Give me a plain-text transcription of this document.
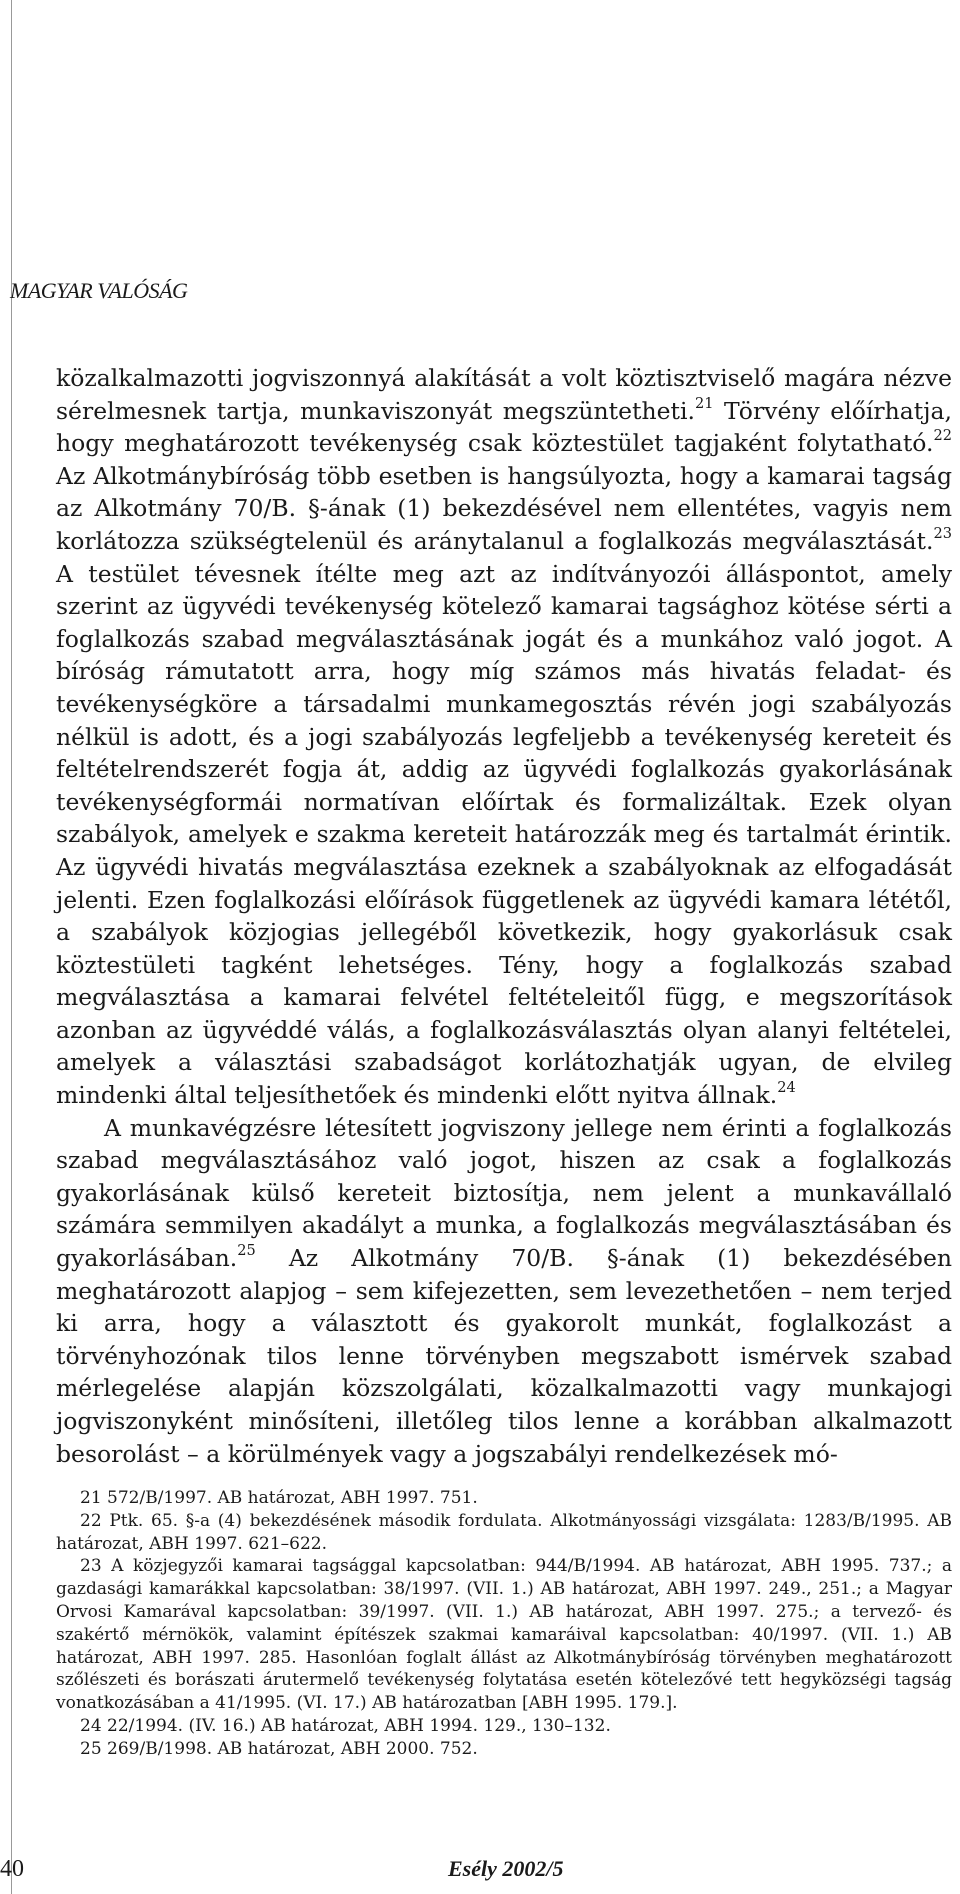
MAGYAR VALÓSÁG

közalkalmazotti jogviszonnyá alakítását a volt köztisztviselő magára nézve sérelmesnek tartja, munkaviszonyát megszüntetheti.$^{21}$ Törvény előírhatja, hogy meghatározott tevékenység csak köztestület tagjaként folytatható.$^{22}$ Az Alkotmánybíróság több esetben is hangsúlyozta, hogy a kamarai tagság az Alkotmány 70/B. §-ának (1) bekezdésével nem ellentétes, vagyis nem korlátozza szükségtelenül és aránytalanul a foglalkozás megválasztását.$^{23}$ A testület tévesnek ítélte meg azt az indítványozói álláspontot, amely szerint az ügyvédi tevékenység kötelező kamarai tagsághoz kötése sérti a foglalkozás szabad megválasztásának jogát és a munkához való jogot. A bíróság rámutatott arra, hogy míg számos más hivatás feladat- és tevékenységköre a társadalmi munkamegosztás révén jogi szabályozás nélkül is adott, és a jogi szabályozás legfeljebb a tevékenység kereteit és feltételrendszerét fogja át, addig az ügyvédi foglalkozás gyakorlásának tevékenységformái normatívan előírtak és formalizáltak. Ezek olyan szabályok, amelyek e szakma kereteit határozzák meg és tartalmát érintik. Az ügyvédi hivatás megválasztása ezeknek a szabályoknak az elfogadását jelenti. Ezen foglalkozási előírások függetlenek az ügyvédi kamara lététől, a szabályok közjogias jellegéből következik, hogy gyakorlásuk csak köztestületi tagként lehetséges. Tény, hogy a foglalkozás szabad megválasztása a kamarai felvétel feltételeitől függ, e megszorítások azonban az ügyvéddé válás, a foglalkozásválasztás olyan alanyi feltételei, amelyek a választási szabadságot korlátozhatják ugyan, de elvileg mindenki által teljesíthetőek és mindenki előtt nyitva állnak.$^{24}$

A munkavégzésre létesített jogviszony jellege nem érinti a foglalkozás szabad megválasztásához való jogot, hiszen az csak a foglalkozás gyakorlásának külső kereteit biztosítja, nem jelent a munkavállaló számára semmilyen akadályt a munka, a foglalkozás megválasztásában és gyakorlásában.$^{25}$ Az Alkotmány 70/B. §-ának (1) bekezdésében meghatározott alapjog – sem kifejezetten, sem levezethetően – nem terjed ki arra, hogy a választott és gyakorolt munkát, foglalkozást a törvényhozónak tilos lenne törvényben megszabott ismérvek szabad mérlegelése alapján közszolgálati, közalkalmazotti vagy munkajogi jogviszonyként minősíteni, illetőleg tilos lenne a korábban alkalmazott besorolást – a körülmények vagy a jogszabályi rendelkezések mó-

21 572/B/1997. AB határozat, ABH 1997. 751.

22 Ptk. 65. §-a (4) bekezdésének második fordulata. Alkotmányossági vizsgálata: 1283/B/1995. AB határozat, ABH 1997. 621–622.

23 A közjegyzői kamarai tagsággal kapcsolatban: 944/B/1994. AB határozat, ABH 1995. 737.; a gazdasági kamarákkal kapcsolatban: 38/1997. (VII. 1.) AB határozat, ABH 1997. 249., 251.; a Magyar Orvosi Kamarával kapcsolatban: 39/1997. (VII. 1.) AB határozat, ABH 1997. 275.; a tervező- és szakértő mérnökök, valamint építészek szakmai kamaráival kapcsolatban: 40/1997. (VII. 1.) AB határozat, ABH 1997. 285. Hasonlóan foglalt állást az Alkotmánybíróság törvényben meghatározott szőlészeti és borászati árutermelő tevékenység folytatása esetén kötelezővé tett hegyközségi tagság vonatkozásában a 41/1995. (VI. 17.) AB határozatban [ABH 1995. 179.].

24 22/1994. (IV. 16.) AB határozat, ABH 1994. 129., 130–132.

25 269/B/1998. AB határozat, ABH 2000. 752.

40	Esély 2002/5
